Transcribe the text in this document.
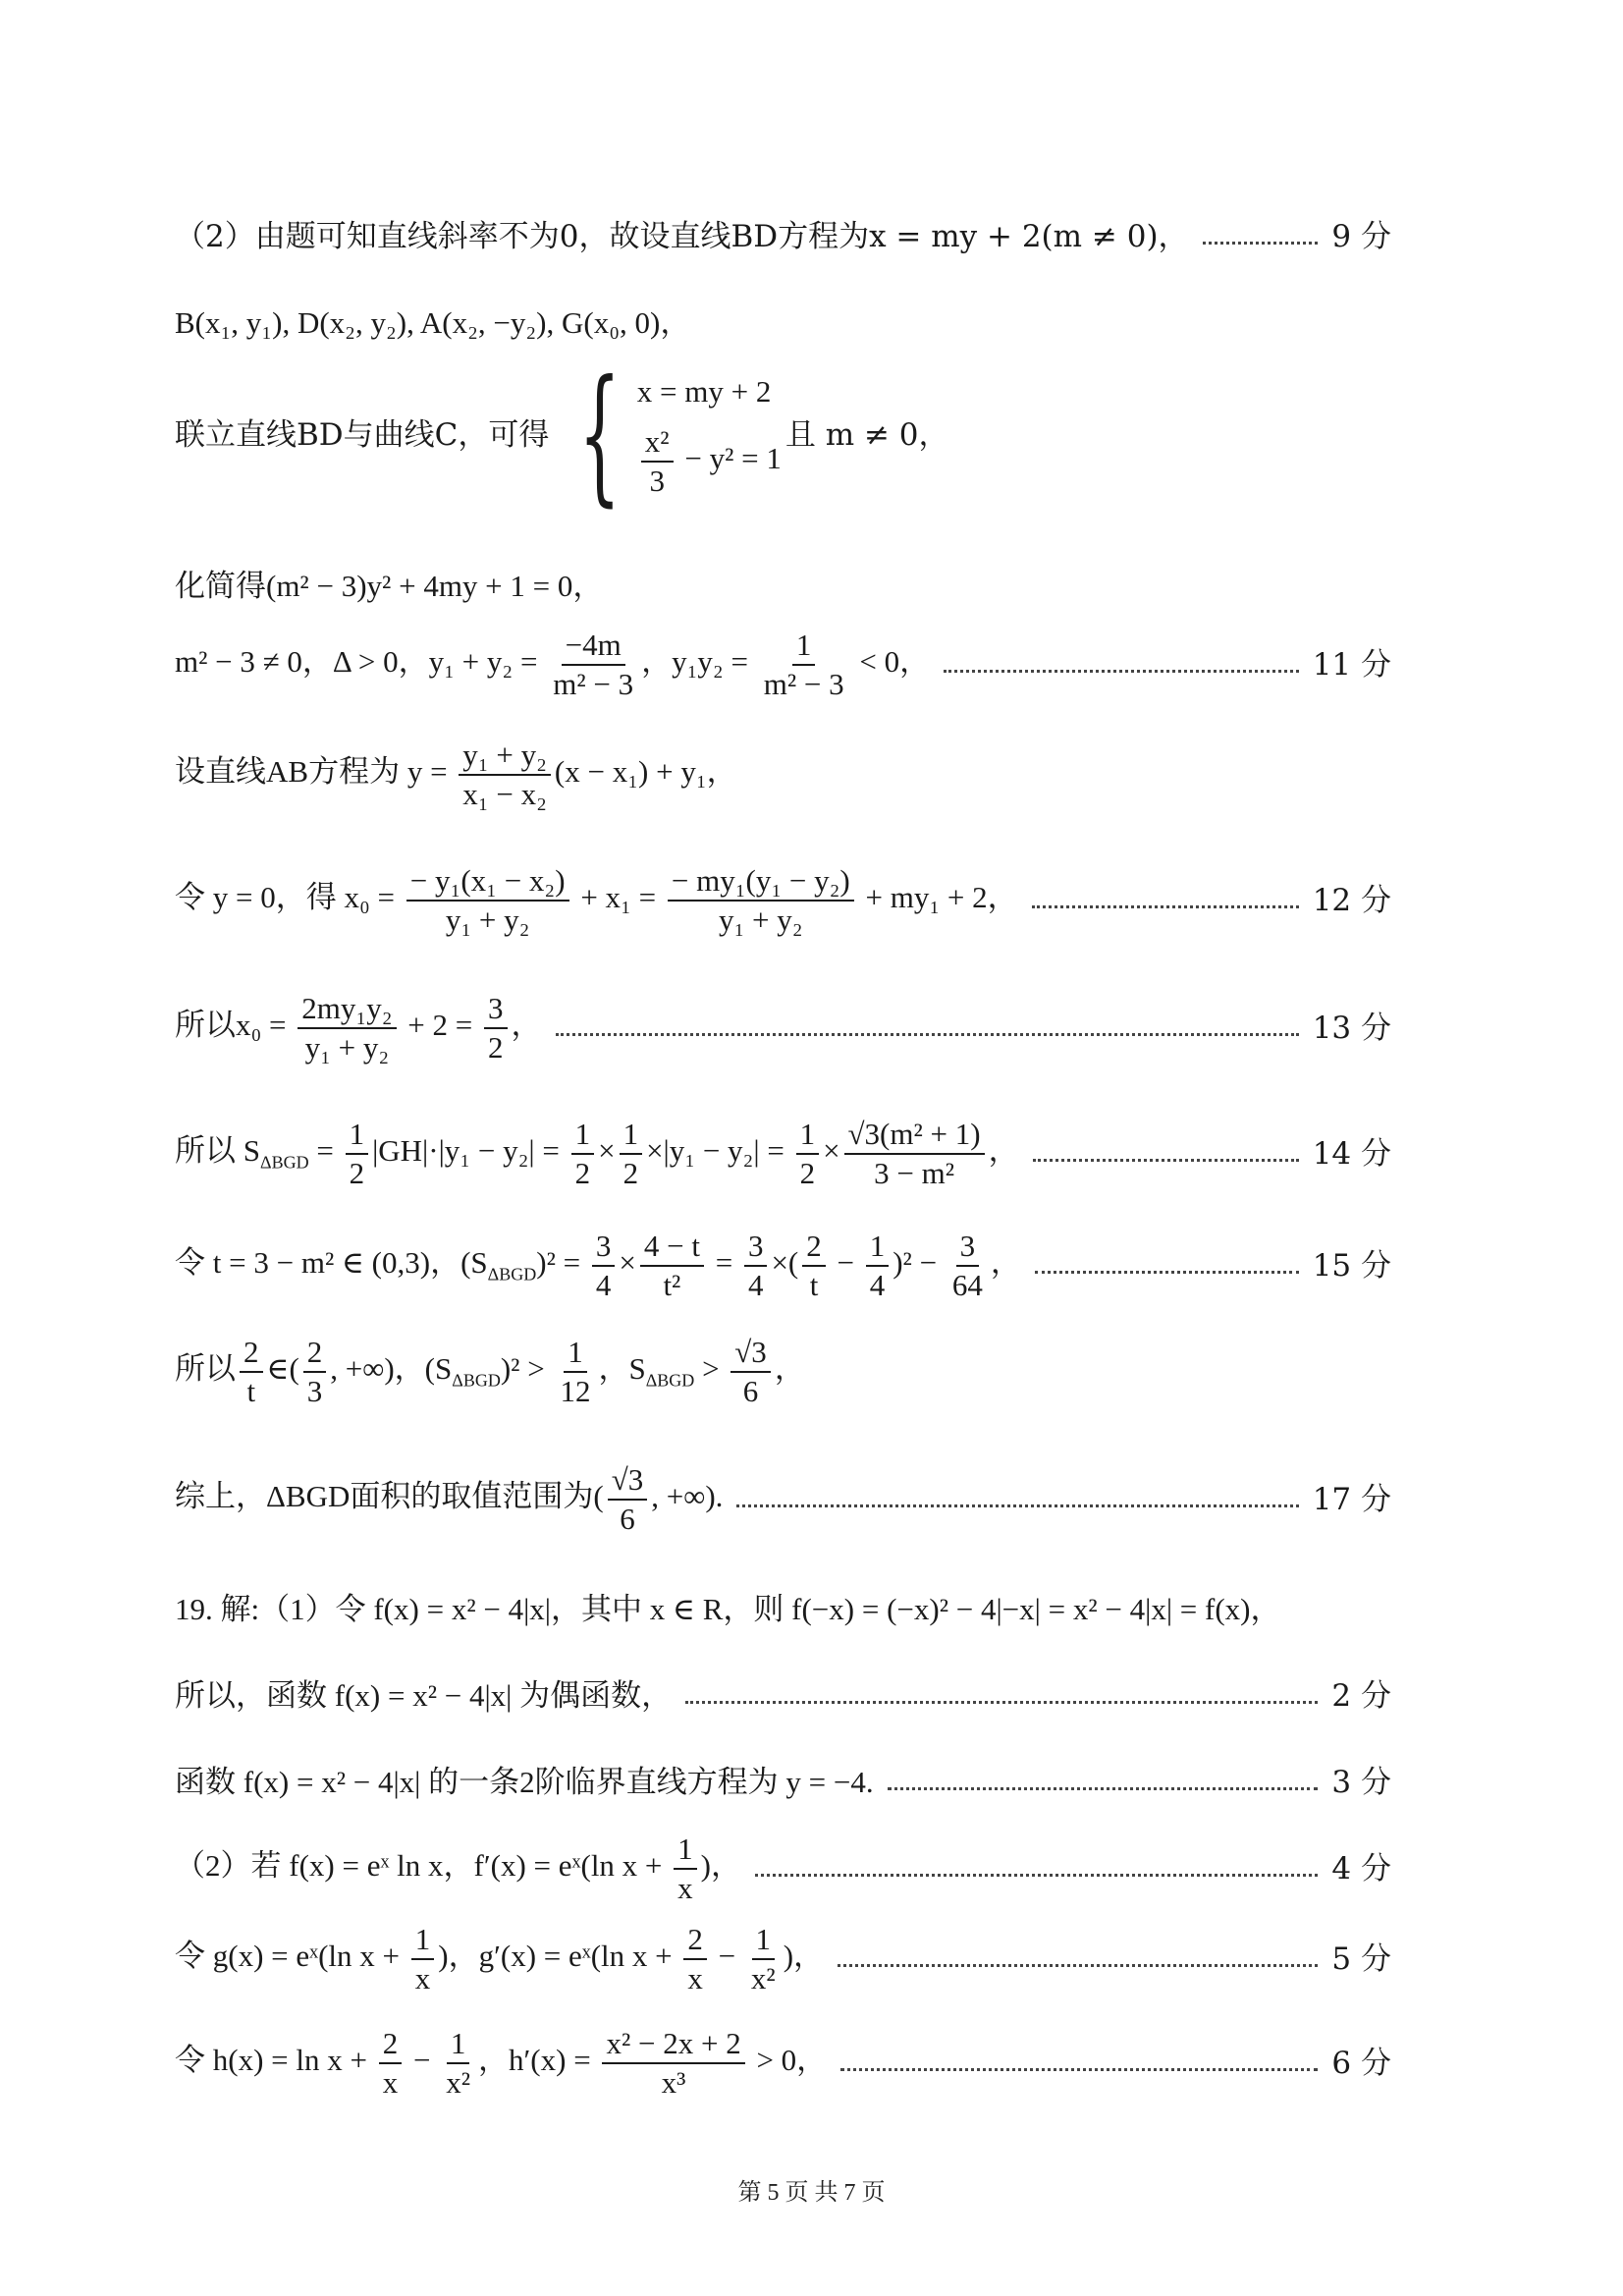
（2）由题可知直线斜率不为0，故设直线BD方程为x = my + 2(m ≠ 0)，	9 分
B(x₁, y₁), D(x₂, y₂), A(x₂, −y₂), G(x₀, 0)，
联立直线BD与曲线C，可得 { x = my + 2
$\frac{\text{x²}}{3} - y^2 = 1$
且 m ≠ 0，
化简得(m² − 3)y² + 4my + 1 = 0，
m² − 3 ≠ 0，Δ > 0，$y_1 + y_2 = \frac{-4m}{\text{m² − 3}}$ ，$y_1y_2 = \frac{1}{\text{m² − 3}} < 0$，	11 分
设直线AB方程为 $y = \frac{\text{y₁ + y₂}}{\text{x₁ − x₂}} (x - x_1) + y_1$，
令 y = 0，得 $x_0 = \frac{\text{− y₁(x₁ − x₂)}}{\text{y₁ + y₂}} + x_1 = \frac{\text{− my₁(y₁ − y₂)}}{\text{y₁ + y₂}} + my_1 + 2$，	12 分
所以$x_0 = \frac{\text{2my₁y₂}}{\text{y₁ + y₂}} + 2 = \frac{3}{2}$ ，	13 分
所以 $S_{\Delta BGD} = \frac{1}{2} |GH|\cdot|y_1 - y_2| = \frac{1}{2} \times \frac{1}{2} \times|y_1 - y_2| = \frac{1}{2} \times \frac{\text{√3(m² + 1)}}{\text{3 − m²}}$ ，	14 分
令 t = 3 − m² ∈ (0,3)，$(S_{\Delta BGD})^2 = \frac{3}{4} \times \frac{4 - t}{\text{t²}} = \frac{3}{4}$ ×( $\frac{2}{t} - \frac{1}{4} )^2 - \frac{3}{64}$ ，	15 分
所以 $\frac{2}{t}$ ∈( $\frac{2}{3}$ , +∞)，$(S_{\Delta BGD})^2 > \frac{1}{12}$ ，$S_{\Delta BGD} > \frac{√3}{6}$ ，
综上，ΔBGD面积的取值范围为( $\frac{√3}{6}$ , +∞).	17 分
19. 解:（1）令 f(x) = x² − 4|x|，其中 x ∈ R，则 f(−x) = (−x)² − 4|−x| = x² − 4|x| = f(x)，
所以，函数 f(x) = x² − 4|x| 为偶函数，	2 分
函数 f(x) = x² − 4|x| 的一条2阶临界直线方程为 y = −4.	3 分
（2）若 f(x) = eˣ ln x，f′(x) = eˣ(ln $x + \frac{1}{x}$ )，	4 分
令 g(x) = eˣ(ln $x + \frac{1}{x}$ )，g′(x) = eˣ(ln $x + \frac{2}{x} - \frac{1}{\text{x²}}$ )，	5 分
令 $h(x) = \ln x + \frac{2}{x} - \frac{1}{\text{x²}}$ ，$h'(x) = \frac{\text{x² − 2x + 2}}{\text{x³}} > 0$，	6 分
第 5 页 共 7 页
